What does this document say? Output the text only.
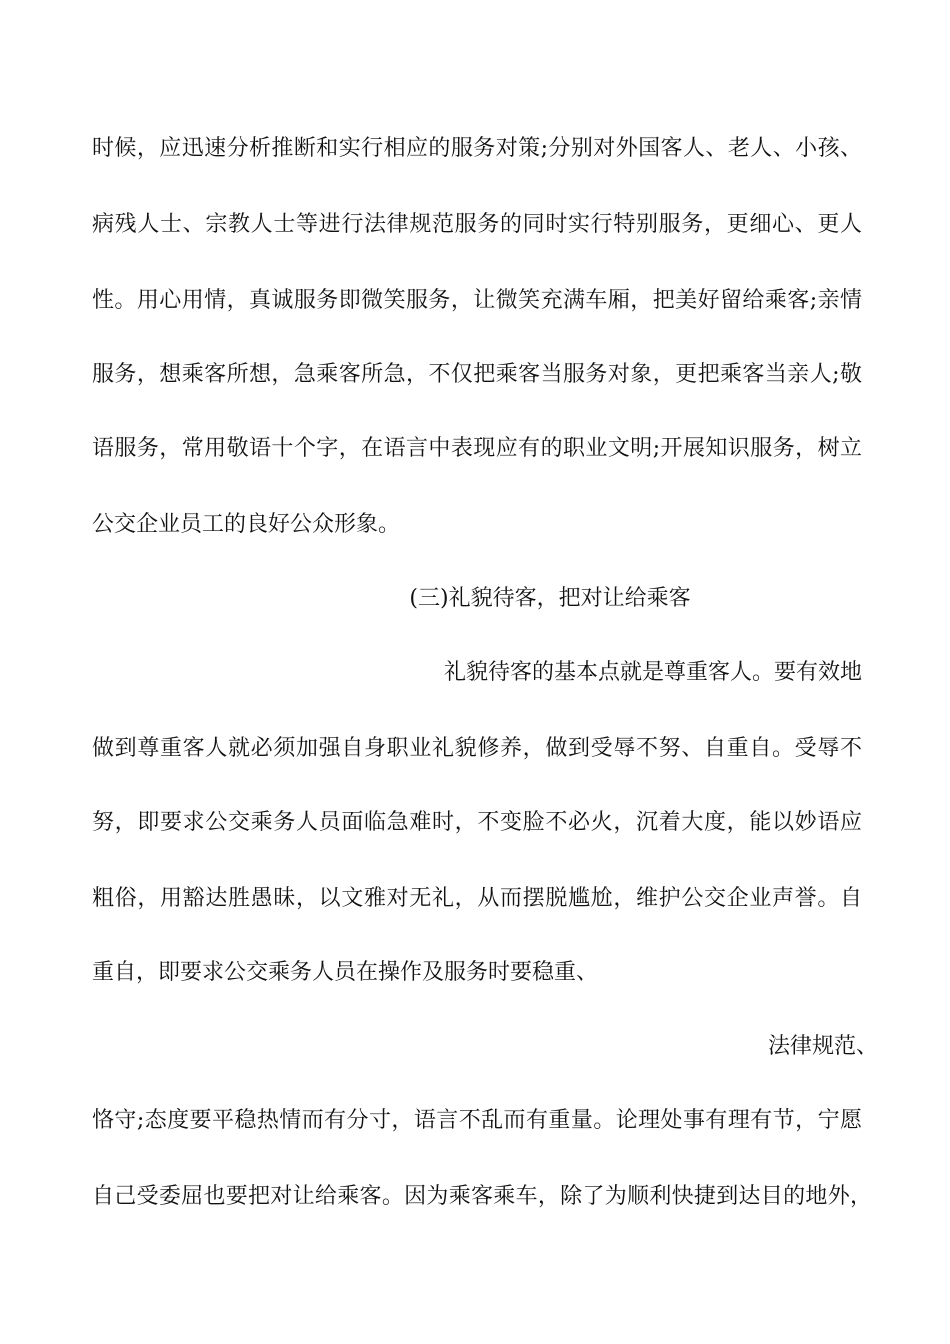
时候，应迅速分析推断和实行相应的服务对策;分别对外国客人、老人、小孩、
病残人士、宗教人士等进行法律规范服务的同时实行特别服务，更细心、更人
性。用心用情，真诚服务即微笑服务，让微笑充满车厢，把美好留给乘客;亲情
服务，想乘客所想，急乘客所急，不仅把乘客当服务对象，更把乘客当亲人;敬
语服务，常用敬语十个字，在语言中表现应有的职业文明;开展知识服务，树立
公交企业员工的良好公众形象。
(三)礼貌待客，把对让给乘客
礼貌待客的基本点就是尊重客人。要有效地
做到尊重客人就必须加强自身职业礼貌修养，做到受辱不努、自重自。受辱不
努，即要求公交乘务人员面临急难时，不变脸不必火，沉着大度，能以妙语应
粗俗，用豁达胜愚昧，以文雅对无礼，从而摆脱尴尬，维护公交企业声誉。自
重自，即要求公交乘务人员在操作及服务时要稳重、
法律规范、
恪守;态度要平稳热情而有分寸，语言不乱而有重量。论理处事有理有节，宁愿
自己受委屈也要把对让给乘客。因为乘客乘车，除了为顺利快捷到达目的地外，
